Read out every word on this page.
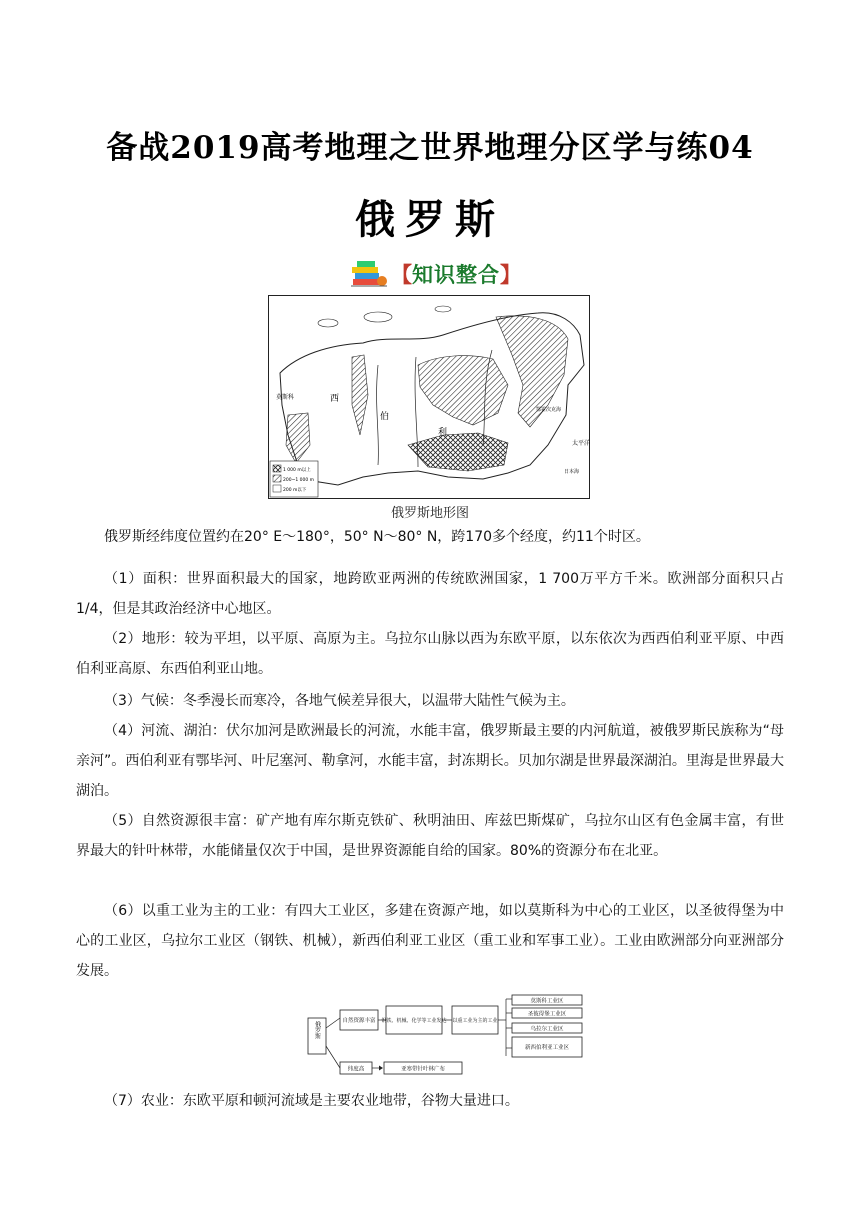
备战2019高考地理之世界地理分区学与练04
俄罗斯
【 知识整合 】
莫斯科	西
伯
利
鄂霍次克海
日本海
太平洋
1 000 m以上
200~1 000 m
200 m以下
俄罗斯地形图

俄罗斯经纬度位置约在20° E～180°，50° N～80° N，跨170多个经度，约11个时区。

（1）面积：世界面积最大的国家，地跨欧亚两洲的传统欧洲国家，1 700万平方千米。欧洲部分面积只占1/4，但是其政治经济中心地区。

（2）地形：较为平坦，以平原、高原为主。乌拉尔山脉以西为东欧平原，以东依次为西西伯利亚平原、中西伯利亚高原、东西伯利亚山地。

（3）气候：冬季漫长而寒冷，各地气候差异很大，以温带大陆性气候为主。

（4）河流、湖泊：伏尔加河是欧洲最长的河流，水能丰富，俄罗斯最主要的内河航道，被俄罗斯民族称为“母亲河”。西伯利亚有鄂毕河、叶尼塞河、勒拿河，水能丰富，封冻期长。贝加尔湖是世界最深湖泊。里海是世界最大湖泊。

（5）自然资源很丰富：矿产地有库尔斯克铁矿、秋明油田、库兹巴斯煤矿，乌拉尔山区有色金属丰富，有世界最大的针叶林带，水能储量仅次于中国，是世界资源能自给的国家。80%的资源分布在北亚。

（6）以重工业为主的工业：有四大工业区，多建在资源产地，如以莫斯科为中心的工业区，以圣彼得堡为中心的工业区，乌拉尔工业区（钢铁、机械），新西伯利亚工业区（重工业和军事工业）。工业由欧洲部分向亚洲部分发展。

俄罗斯	自然资源丰富 钢铁、机械、化学等工业发达 以重工业为主的工业
莫斯科工业区
圣彼得堡工业区
乌拉尔工业区
新西伯利亚工业区
纬度高	亚寒带针叶林广布

（7）农业：东欧平原和顿河流域是主要农业地带，谷物大量进口。
